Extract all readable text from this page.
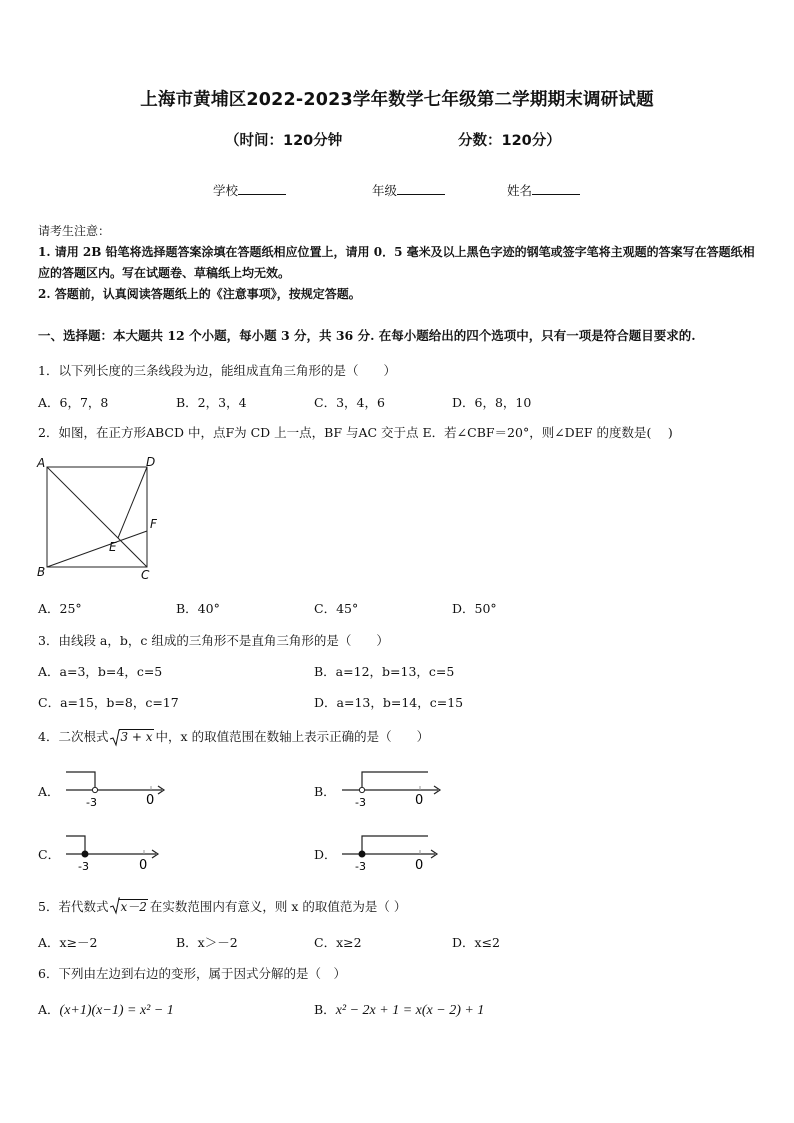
上海市黄埔区2022-2023学年数学七年级第二学期期末调研试题
（时间：120分钟	分数：120分）
学校	年级	姓名
请考生注意：
1. 请用 2B 铅笔将选择题答案涂填在答题纸相应位置上，请用 0．5 毫米及以上黑色字迹的钢笔或签字笔将主观题的答案写在答题纸相应的答题区内。写在试题卷、草稿纸上均无效。
2. 答题前，认真阅读答题纸上的《注意事项》，按规定答题。
一、选择题：本大题共 12 个小题，每小题 3 分，共 36 分. 在每小题给出的四个选项中，只有一项是符合题目要求的.
1．以下列长度的三条线段为边，能组成直角三角形的是（　　）
A．6，7，8	B．2，3，4	C．3，4，6	D．6，8，10
2．如图，在正方形ABCD 中，点F为 CD 上一点，BF 与AC 交于点 E．若∠CBF＝20°，则∠DEF 的度数是(　 )
A	D
F
E
B	C
A．25°	B．40°	C．45°	D．50°
3．由线段 a，b，c 组成的三角形不是直角三角形的是（　　）
A．a=3，b=4，c=5	B．a=12，b=13，c=5
C．a=15，b=8，c=17	D．a=13，b=14，c=15
4．二次根式 3 + x 中，x 的取值范围在数轴上表示正确的是（　　）
A．
-3	0
B．
-3	0
C．
-3	0
D．
-3	0
5．若代数式 x－2 在实数范围内有意义，则 x 的取值范为是（ ）
A．x≥－2	B．x＞－2	C．x≥2	D．x≤2
6．下列由左边到右边的变形，属于因式分解的是（　）
A．(x+1)(x−1) = x² − 1	B．x² − 2x + 1 = x(x − 2) + 1
